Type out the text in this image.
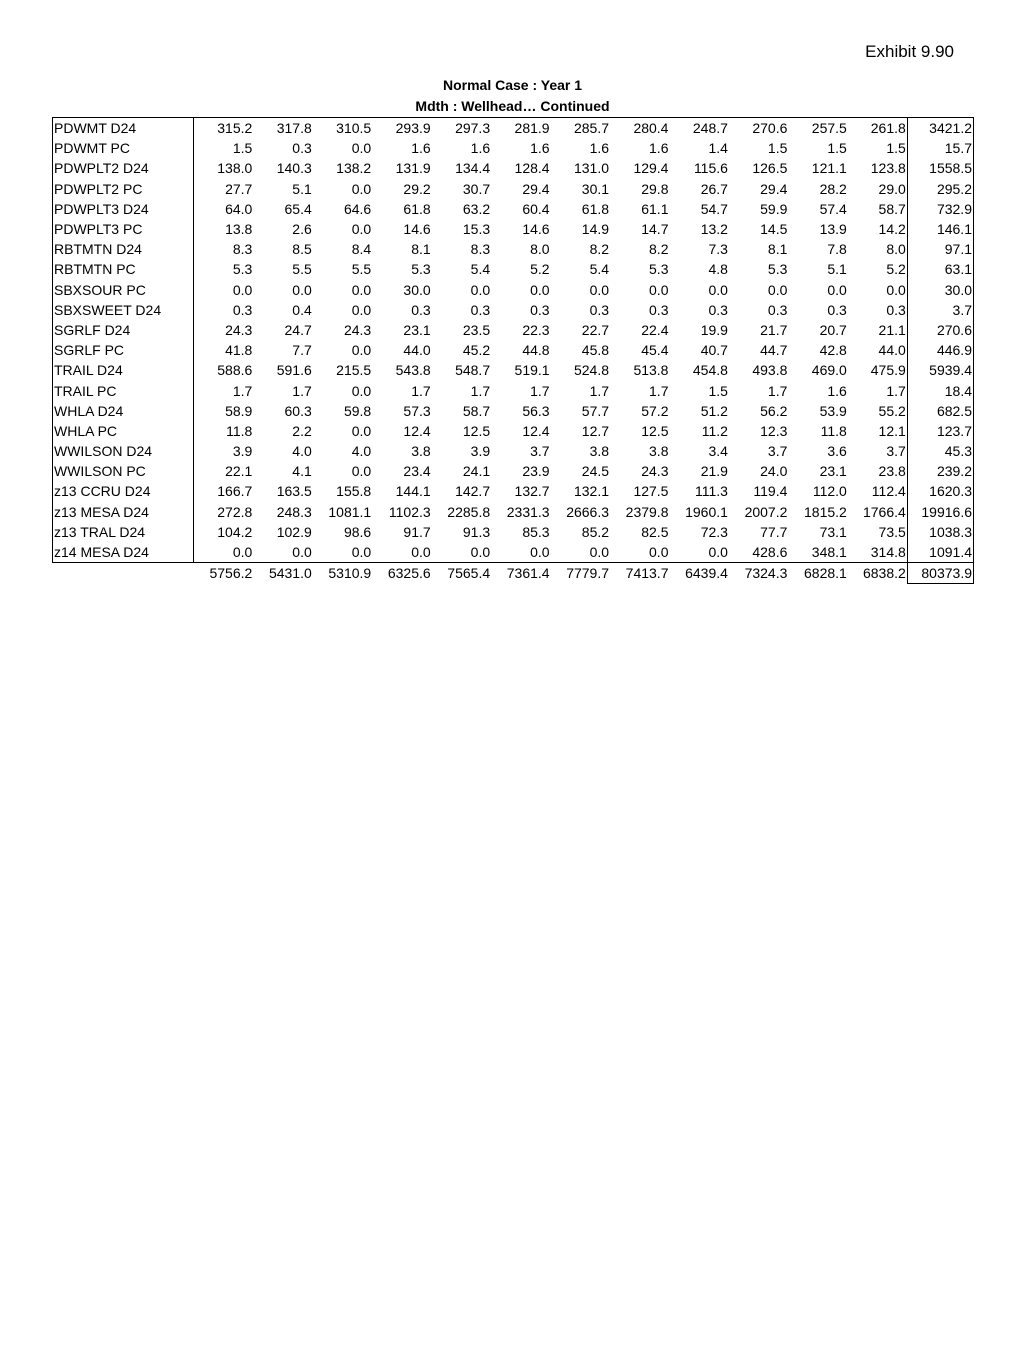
Exhibit 9.90
Normal Case : Year 1
Mdth : Wellhead… Continued
PDWMT D24	315.2	317.8	310.5	293.9	297.3	281.9	285.7	280.4	248.7	270.6	257.5	261.8	3421.2
PDWMT PC	1.5	0.3	0.0	1.6	1.6	1.6	1.6	1.6	1.4	1.5	1.5	1.5	15.7
PDWPLT2 D24	138.0	140.3	138.2	131.9	134.4	128.4	131.0	129.4	115.6	126.5	121.1	123.8	1558.5
PDWPLT2 PC	27.7	5.1	0.0	29.2	30.7	29.4	30.1	29.8	26.7	29.4	28.2	29.0	295.2
PDWPLT3 D24	64.0	65.4	64.6	61.8	63.2	60.4	61.8	61.1	54.7	59.9	57.4	58.7	732.9
PDWPLT3 PC	13.8	2.6	0.0	14.6	15.3	14.6	14.9	14.7	13.2	14.5	13.9	14.2	146.1
RBTMTN D24	8.3	8.5	8.4	8.1	8.3	8.0	8.2	8.2	7.3	8.1	7.8	8.0	97.1
RBTMTN PC	5.3	5.5	5.5	5.3	5.4	5.2	5.4	5.3	4.8	5.3	5.1	5.2	63.1
SBXSOUR PC	0.0	0.0	0.0	30.0	0.0	0.0	0.0	0.0	0.0	0.0	0.0	0.0	30.0
SBXSWEET D24	0.3	0.4	0.0	0.3	0.3	0.3	0.3	0.3	0.3	0.3	0.3	0.3	3.7
SGRLF D24	24.3	24.7	24.3	23.1	23.5	22.3	22.7	22.4	19.9	21.7	20.7	21.1	270.6
SGRLF PC	41.8	7.7	0.0	44.0	45.2	44.8	45.8	45.4	40.7	44.7	42.8	44.0	446.9
TRAIL D24	588.6	591.6	215.5	543.8	548.7	519.1	524.8	513.8	454.8	493.8	469.0	475.9	5939.4
TRAIL PC	1.7	1.7	0.0	1.7	1.7	1.7	1.7	1.7	1.5	1.7	1.6	1.7	18.4
WHLA D24	58.9	60.3	59.8	57.3	58.7	56.3	57.7	57.2	51.2	56.2	53.9	55.2	682.5
WHLA PC	11.8	2.2	0.0	12.4	12.5	12.4	12.7	12.5	11.2	12.3	11.8	12.1	123.7
WWILSON D24	3.9	4.0	4.0	3.8	3.9	3.7	3.8	3.8	3.4	3.7	3.6	3.7	45.3
WWILSON PC	22.1	4.1	0.0	23.4	24.1	23.9	24.5	24.3	21.9	24.0	23.1	23.8	239.2
z13 CCRU D24	166.7	163.5	155.8	144.1	142.7	132.7	132.1	127.5	111.3	119.4	112.0	112.4	1620.3
z13 MESA D24	272.8	248.3	1081.1	1102.3	2285.8	2331.3	2666.3	2379.8	1960.1	2007.2	1815.2	1766.4	19916.6
z13 TRAL D24	104.2	102.9	98.6	91.7	91.3	85.3	85.2	82.5	72.3	77.7	73.1	73.5	1038.3
z14 MESA D24	0.0	0.0	0.0	0.0	0.0	0.0	0.0	0.0	0.0	428.6	348.1	314.8	1091.4
	5756.2	5431.0	5310.9	6325.6	7565.4	7361.4	7779.7	7413.7	6439.4	7324.3	6828.1	6838.2	80373.9
